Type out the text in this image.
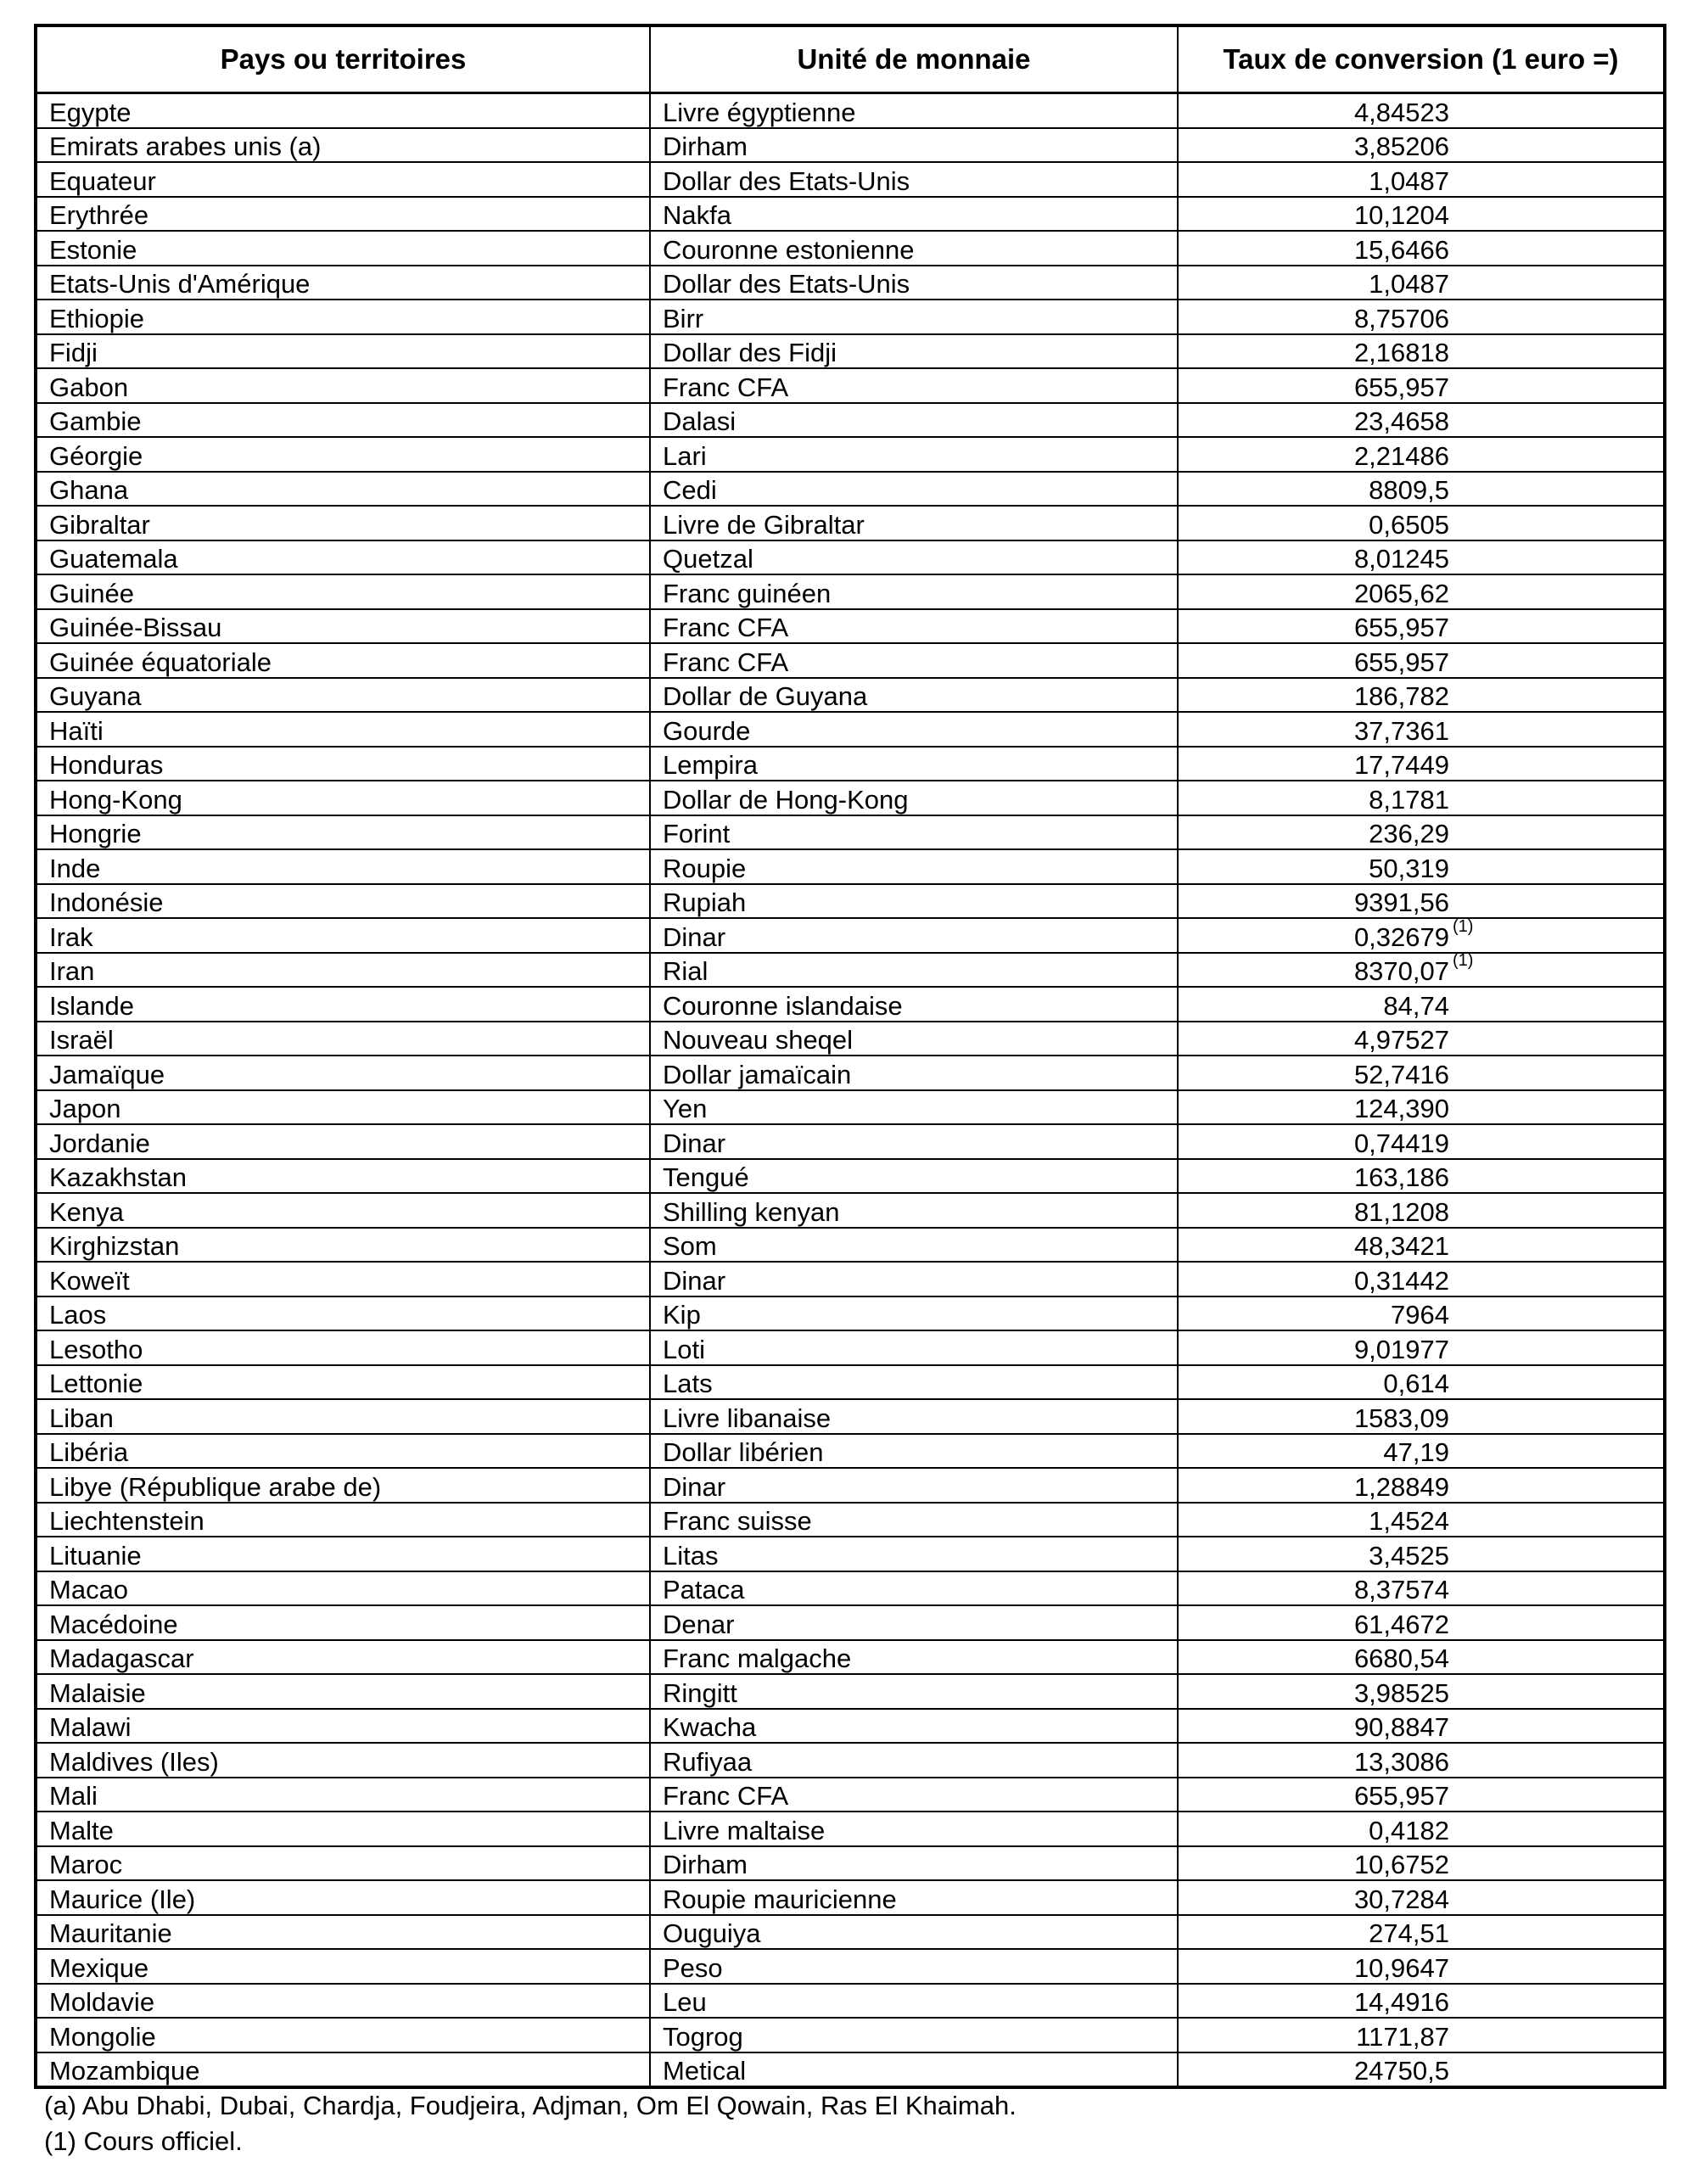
Pays ou territoires	Unité de monnaie	Taux de conversion (1 euro =)
Egypte	Livre égyptienne	4,84523
Emirats arabes unis (a)	Dirham	3,85206
Equateur	Dollar des Etats-Unis	1,0487
Erythrée	Nakfa	10,1204
Estonie	Couronne estonienne	15,6466
Etats-Unis d'Amérique	Dollar des Etats-Unis	1,0487
Ethiopie	Birr	8,75706
Fidji	Dollar des Fidji	2,16818
Gabon	Franc CFA	655,957
Gambie	Dalasi	23,4658
Géorgie	Lari	2,21486
Ghana	Cedi	8809,5
Gibraltar	Livre de Gibraltar	0,6505
Guatemala	Quetzal	8,01245
Guinée	Franc guinéen	2065,62
Guinée-Bissau	Franc CFA	655,957
Guinée équatoriale	Franc CFA	655,957
Guyana	Dollar de Guyana	186,782
Haïti	Gourde	37,7361
Honduras	Lempira	17,7449
Hong-Kong	Dollar de Hong-Kong	8,1781
Hongrie	Forint	236,29
Inde	Roupie	50,319
Indonésie	Rupiah	9391,56
Irak	Dinar	0,32679 (1)

Iran	Rial	8370,07 (1)

Islande	Couronne islandaise	84,74
Israël	Nouveau sheqel	4,97527
Jamaïque	Dollar jamaïcain	52,7416
Japon	Yen	124,390
Jordanie	Dinar	0,74419
Kazakhstan	Tengué	163,186
Kenya	Shilling kenyan	81,1208
Kirghizstan	Som	48,3421
Koweït	Dinar	0,31442
Laos	Kip	7964
Lesotho	Loti	9,01977
Lettonie	Lats	0,614
Liban	Livre libanaise	1583,09
Libéria	Dollar libérien	47,19
Libye (République arabe de)	Dinar	1,28849
Liechtenstein	Franc suisse	1,4524
Lituanie	Litas	3,4525
Macao	Pataca	8,37574
Macédoine	Denar	61,4672
Madagascar	Franc malgache	6680,54
Malaisie	Ringitt	3,98525
Malawi	Kwacha	90,8847
Maldives (Iles)	Rufiyaa	13,3086
Mali	Franc CFA	655,957
Malte	Livre maltaise	0,4182
Maroc	Dirham	10,6752
Maurice (Ile)	Roupie mauricienne	30,7284
Mauritanie	Ouguiya	274,51
Mexique	Peso	10,9647
Moldavie	Leu	14,4916
Mongolie	Togrog	1171,87
Mozambique	Metical	24750,5
(a) Abu Dhabi, Dubai, Chardja, Foudjeira, Adjman, Om El Qowain, Ras El Khaimah.
(1) Cours officiel.
